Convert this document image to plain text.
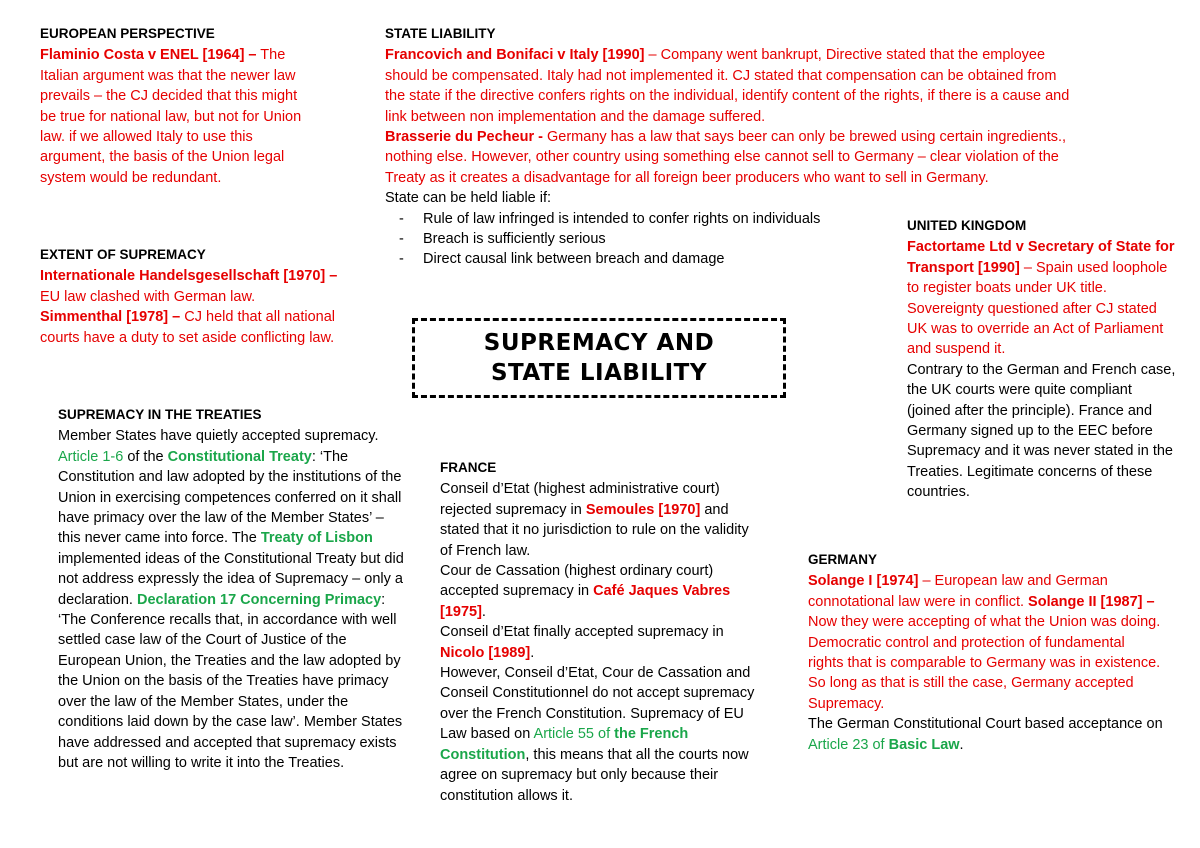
EUROPEAN PERSPECTIVE

Flaminio Costa v ENEL [1964] – The Italian argument was that the newer law prevails – the CJ decided that this might be true for national law, but not for Union law. if we allowed Italy to use this argument, the basis of the Union legal system would be redundant.

EXTENT OF SUPREMACY

Internationale Handelsgesellschaft [1970] – EU law clashed with German law. Simmenthal [1978] – CJ held that all national courts have a duty to set aside conflicting law.

SUPREMACY IN THE TREATIES

Member States have quietly accepted supremacy. Article 1-6 of the Constitutional Treaty: ‘The Constitution and law adopted by the institutions of the Union in exercising competences conferred on it shall have primacy over the law of the Member States’ – this never came into force. The Treaty of Lisbon implemented ideas of the Constitutional Treaty but did not address expressly the idea of Supremacy – only a declaration. Declaration 17 Concerning Primacy: ‘The Conference recalls that, in accordance with well settled case law of the Court of Justice of the European Union, the Treaties and the law adopted by the Union on the basis of the Treaties have primacy over the law of the Member States, under the conditions laid down by the case law’. Member States have addressed and accepted that supremacy exists but are not willing to write it into the Treaties.

STATE LIABILITY

Francovich and Bonifaci v Italy [1990] – Company went bankrupt, Directive stated that the employee should be compensated. Italy had not implemented it. CJ stated that compensation can be obtained from the state if the directive confers rights on the individual, identify content of the rights, if there is a cause and link between non implementation and the damage suffered.
Brasserie du Pecheur - Germany has a law that says beer can only be brewed using certain ingredients., nothing else. However, other country using something else cannot sell to Germany – clear violation of the Treaty as it creates a disadvantage for all foreign beer producers who want to sell in Germany.

State can be held liable if:

- Rule of law infringed is intended to confer rights on individuals
- Breach is sufficiently serious
- Direct causal link between breach and damage
SUPREMACY AND
STATE LIABILITY
FRANCE

Conseil d’Etat (highest administrative court) rejected supremacy in Semoules [1970] and stated that it no jurisdiction to rule on the validity of French law.

Cour de Cassation (highest ordinary court) accepted supremacy in Café Jaques Vabres [1975].

Conseil d’Etat finally accepted supremacy in Nicolo [1989].

However, Conseil d’Etat, Cour de Cassation and Conseil Constitutionnel do not accept supremacy over the French Constitution. Supremacy of EU Law based on Article 55 of the French Constitution, this means that all the courts now agree on supremacy but only because their constitution allows it.

UNITED KINGDOM

Factortame Ltd v Secretary of State for Transport [1990] – Spain used loophole to register boats under UK title. Sovereignty questioned after CJ stated UK was to override an Act of Parliament and suspend it.

Contrary to the German and French case, the UK courts were quite compliant (joined after the principle). France and Germany signed up to the EEC before Supremacy and it was never stated in the Treaties. Legitimate concerns of these countries.

GERMANY

Solange I [1974] – European law and German connotational law were in conflict. Solange II [1987] – Now they were accepting of what the Union was doing. Democratic control and protection of fundamental rights that is comparable to Germany was in existence. So long as that is still the case, Germany accepted Supremacy.

The German Constitutional Court based acceptance on Article 23 of Basic Law.
